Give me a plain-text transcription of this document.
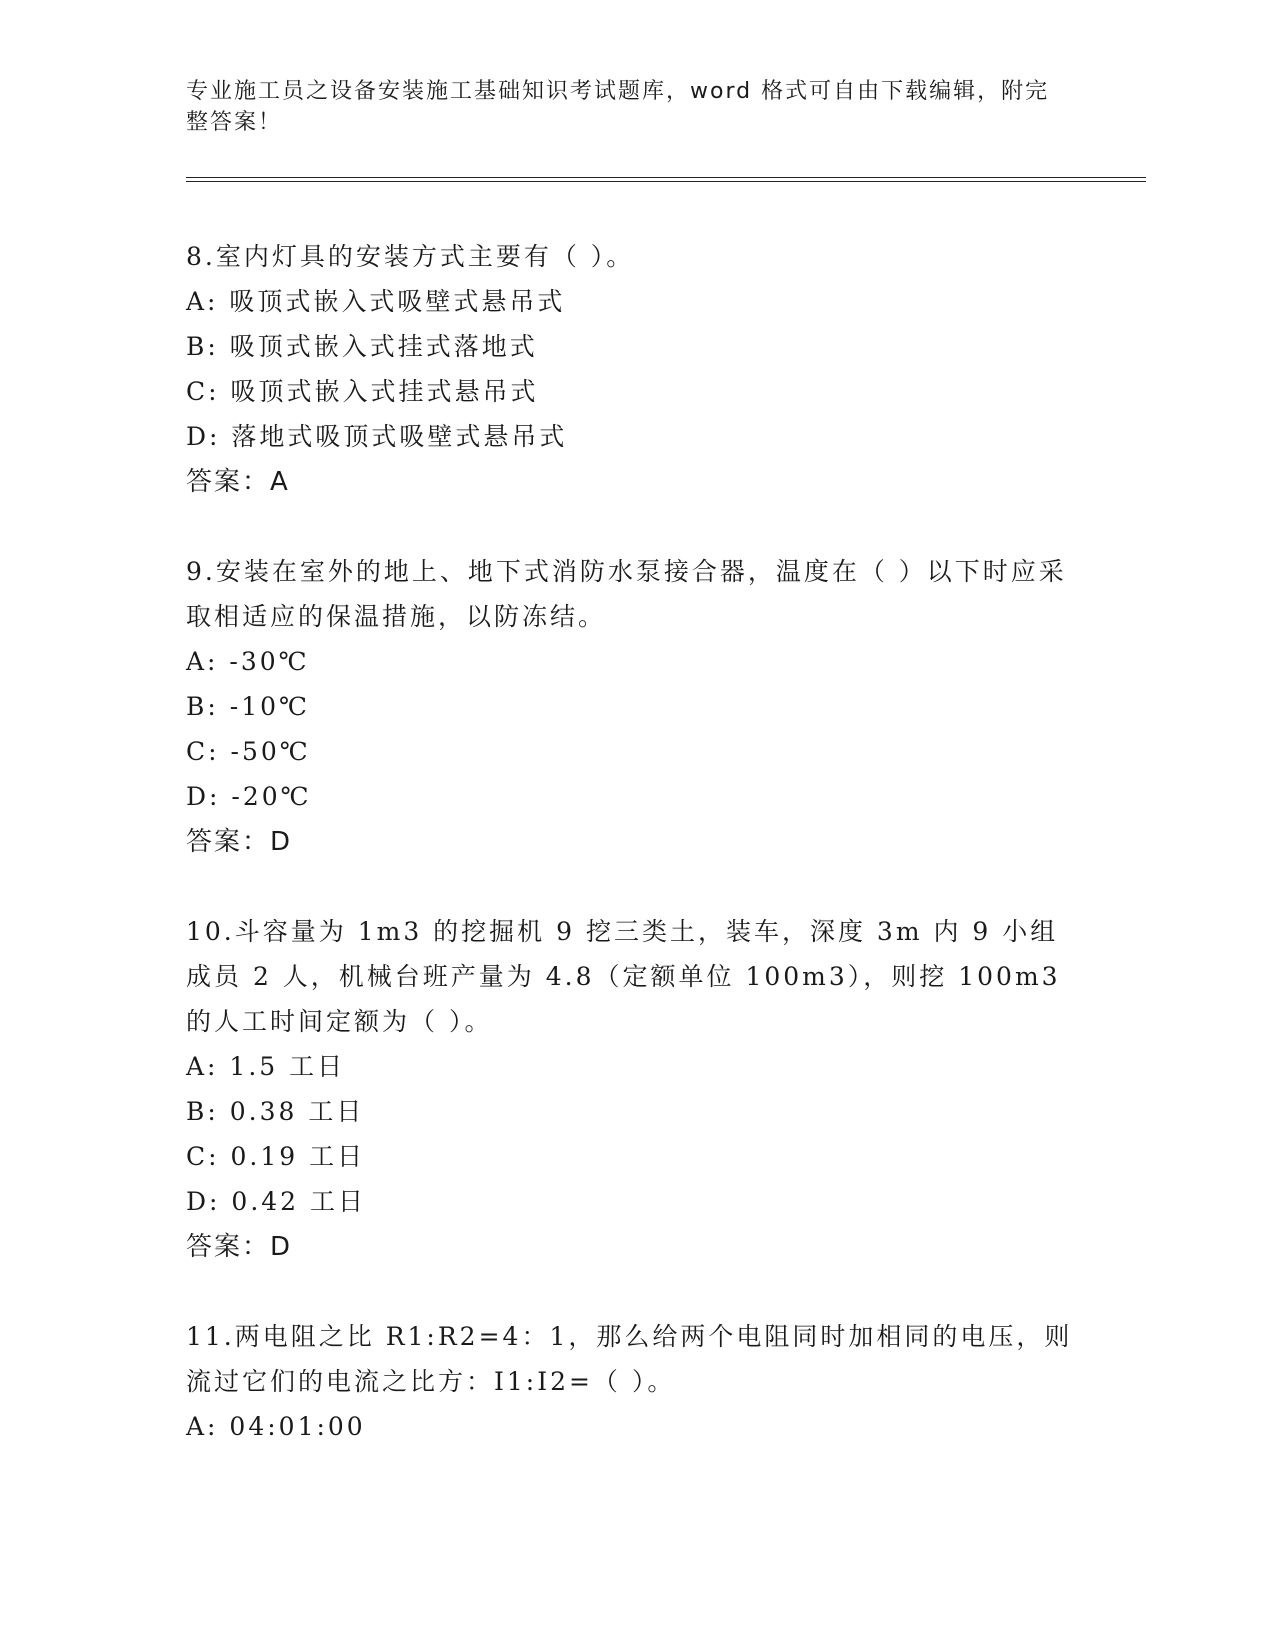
专业施工员之设备安装施工基础知识考试题库，word 格式可自由下载编辑，附完整答案！

8.室内灯具的安装方式主要有（ ）。

A: 吸顶式嵌入式吸壁式悬吊式

B: 吸顶式嵌入式挂式落地式

C: 吸顶式嵌入式挂式悬吊式

D: 落地式吸顶式吸壁式悬吊式

答案：A

9.安装在室外的地上、地下式消防水泵接合器，温度在（ ）以下时应采取相适应的保温措施，以防冻结。

A: -30℃

B: -10℃

C: -50℃

D: -20℃

答案：D

10.斗容量为 1m3 的挖掘机 9 挖三类土，装车，深度 3m 内 9 小组成员 2 人，机械台班产量为 4.8（定额单位 100m3），则挖 100m3 的人工时间定额为（ ）。

A: 1.5 工日

B: 0.38 工日

C: 0.19 工日

D: 0.42 工日

答案：D

11.两电阻之比 R1:R2=4：1，那么给两个电阻同时加相同的电压，则流过它们的电流之比方：I1:I2=（ ）。

A: 04:01:00
